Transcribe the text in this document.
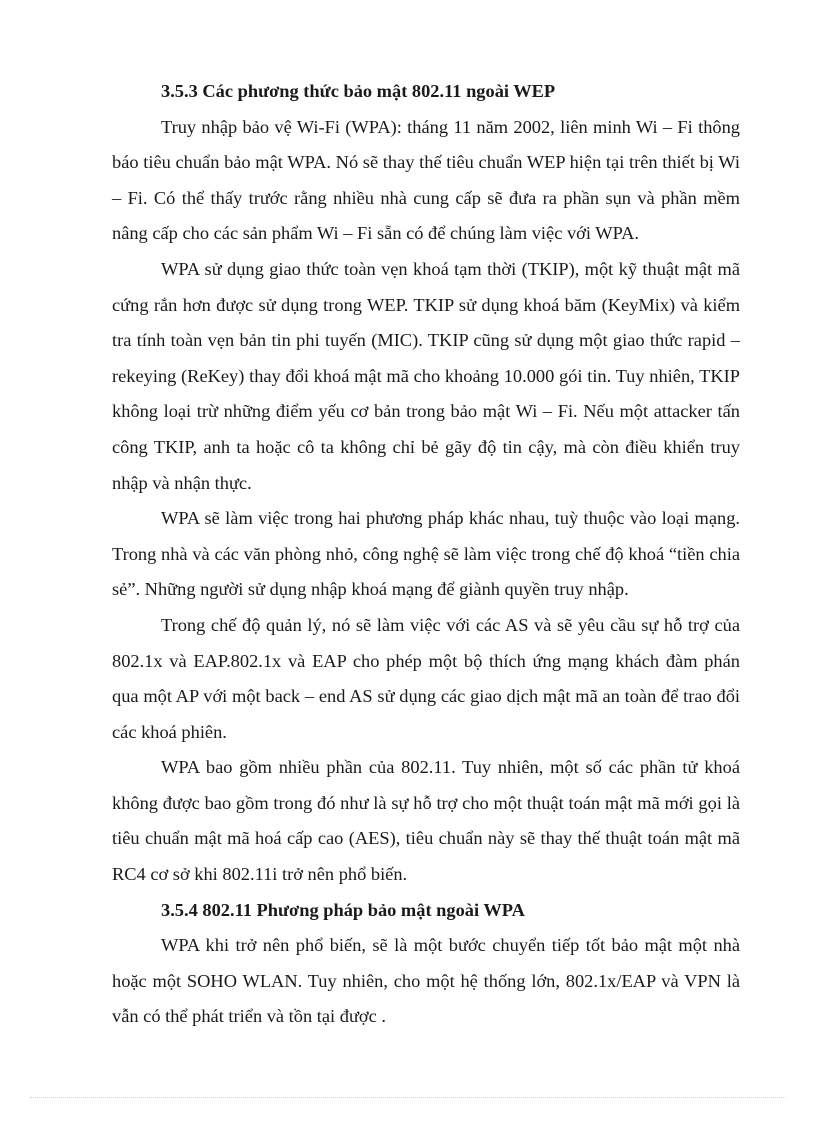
3.5.3 Các phương thức bảo mật 802.11 ngoài WEP

Truy nhập bảo vệ Wi-Fi (WPA): tháng 11 năm 2002, liên minh Wi – Fi thông báo tiêu chuẩn bảo mật WPA. Nó sẽ thay thế tiêu chuẩn WEP hiện tại trên thiết bị Wi – Fi. Có thể thấy trước rằng nhiều nhà cung cấp sẽ đưa ra phần sụn và phần mềm nâng cấp cho các sản phẩm Wi – Fi sẵn có để chúng làm việc với WPA.

WPA sử dụng giao thức toàn vẹn khoá tạm thời (TKIP), một kỹ thuật mật mã cứng rắn hơn được sử dụng trong WEP. TKIP sử dụng khoá băm (KeyMix) và kiểm tra tính toàn vẹn bản tin phi tuyến (MIC). TKIP cũng sử dụng một giao thức rapid – rekeying (ReKey) thay đổi khoá mật mã cho khoảng 10.000 gói tin. Tuy nhiên, TKIP không loại trừ những điểm yếu cơ bản trong bảo mật Wi – Fi. Nếu một attacker tấn công TKIP, anh ta hoặc cô ta không chỉ bẻ gãy độ tin cậy, mà còn điều khiển truy nhập và nhận thực.

WPA sẽ làm việc trong hai phương pháp khác nhau, tuỳ thuộc vào loại mạng. Trong nhà và các văn phòng nhỏ, công nghệ sẽ làm việc trong chế độ khoá “tiền chia sẻ”. Những người sử dụng nhập khoá mạng để giành quyền truy nhập.

Trong chế độ quản lý, nó sẽ làm việc với các AS và sẽ yêu cầu sự hỗ trợ của 802.1x và EAP.802.1x và EAP cho phép một bộ thích ứng mạng khách đàm phán qua một AP với một back – end AS sử dụng các giao dịch mật mã an toàn để trao đổi các khoá phiên.

WPA bao gồm nhiều phần của 802.11. Tuy nhiên, một số các phần tử khoá không được bao gồm trong đó như là sự hỗ trợ cho một thuật toán mật mã mới gọi là tiêu chuẩn mật mã hoá cấp cao (AES), tiêu chuẩn này sẽ thay thế thuật toán mật mã RC4 cơ sở khi 802.11i trở nên phổ biến.

3.5.4 802.11 Phương pháp bảo mật ngoài WPA

WPA khi trở nên phổ biến, sẽ là một bước chuyển tiếp tốt bảo mật một nhà hoặc một SOHO WLAN. Tuy nhiên, cho một hệ thống lớn, 802.1x/EAP và VPN là vẫn có thể phát triển và tồn tại được .
